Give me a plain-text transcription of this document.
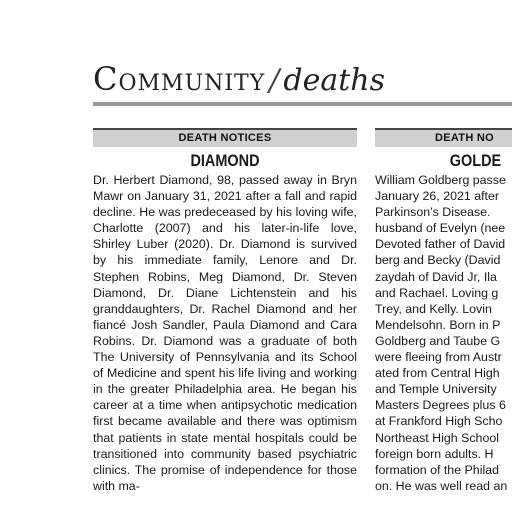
Community / deaths
DEATH NOTICES
DIAMOND
Dr. Herbert Diamond, 98, passed away in Bryn Mawr on January 31, 2021 after a fall and rapid decline. He was predeceased by his loving wife, Charlotte (2007) and his later-in-life love, Shirley Luber (2020). Dr. Diamond is survived by his immediate family, Lenore and Dr. Stephen Robins, Meg Diamond, Dr. Steven Diamond, Dr. Diane Lichtenstein and his granddaughters, Dr. Rachel Diamond and her fiancé Josh Sandler, Paula Diamond and Cara Robins. Dr. Diamond was a graduate of both The University of Pennsylvania and its School of Medicine and spent his life living and working in the greater Philadelphia area. He began his career at a time when antipsychotic medication first became available and there was optimism that patients in state mental hospitals could be transitioned into community based psychiatric clinics. The promise of independence for those with ma-
DEATH NO
GOLDE
William Goldberg passe
January 26, 2021 after
Parkinson’s Disease.
husband of Evelyn (nee
Devoted father of David
berg and Becky (David
zaydah of David Jr, Ila
and Rachael. Loving g
Trey, and Kelly. Lovin
Mendelsohn. Born in P
Goldberg and Taube G
were fleeing from Austr
ated from Central High
and Temple University
Masters Degrees plus 6
at Frankford High Scho
Northeast High School
foreign born adults. H
formation of the Philad
on. He was well read an
